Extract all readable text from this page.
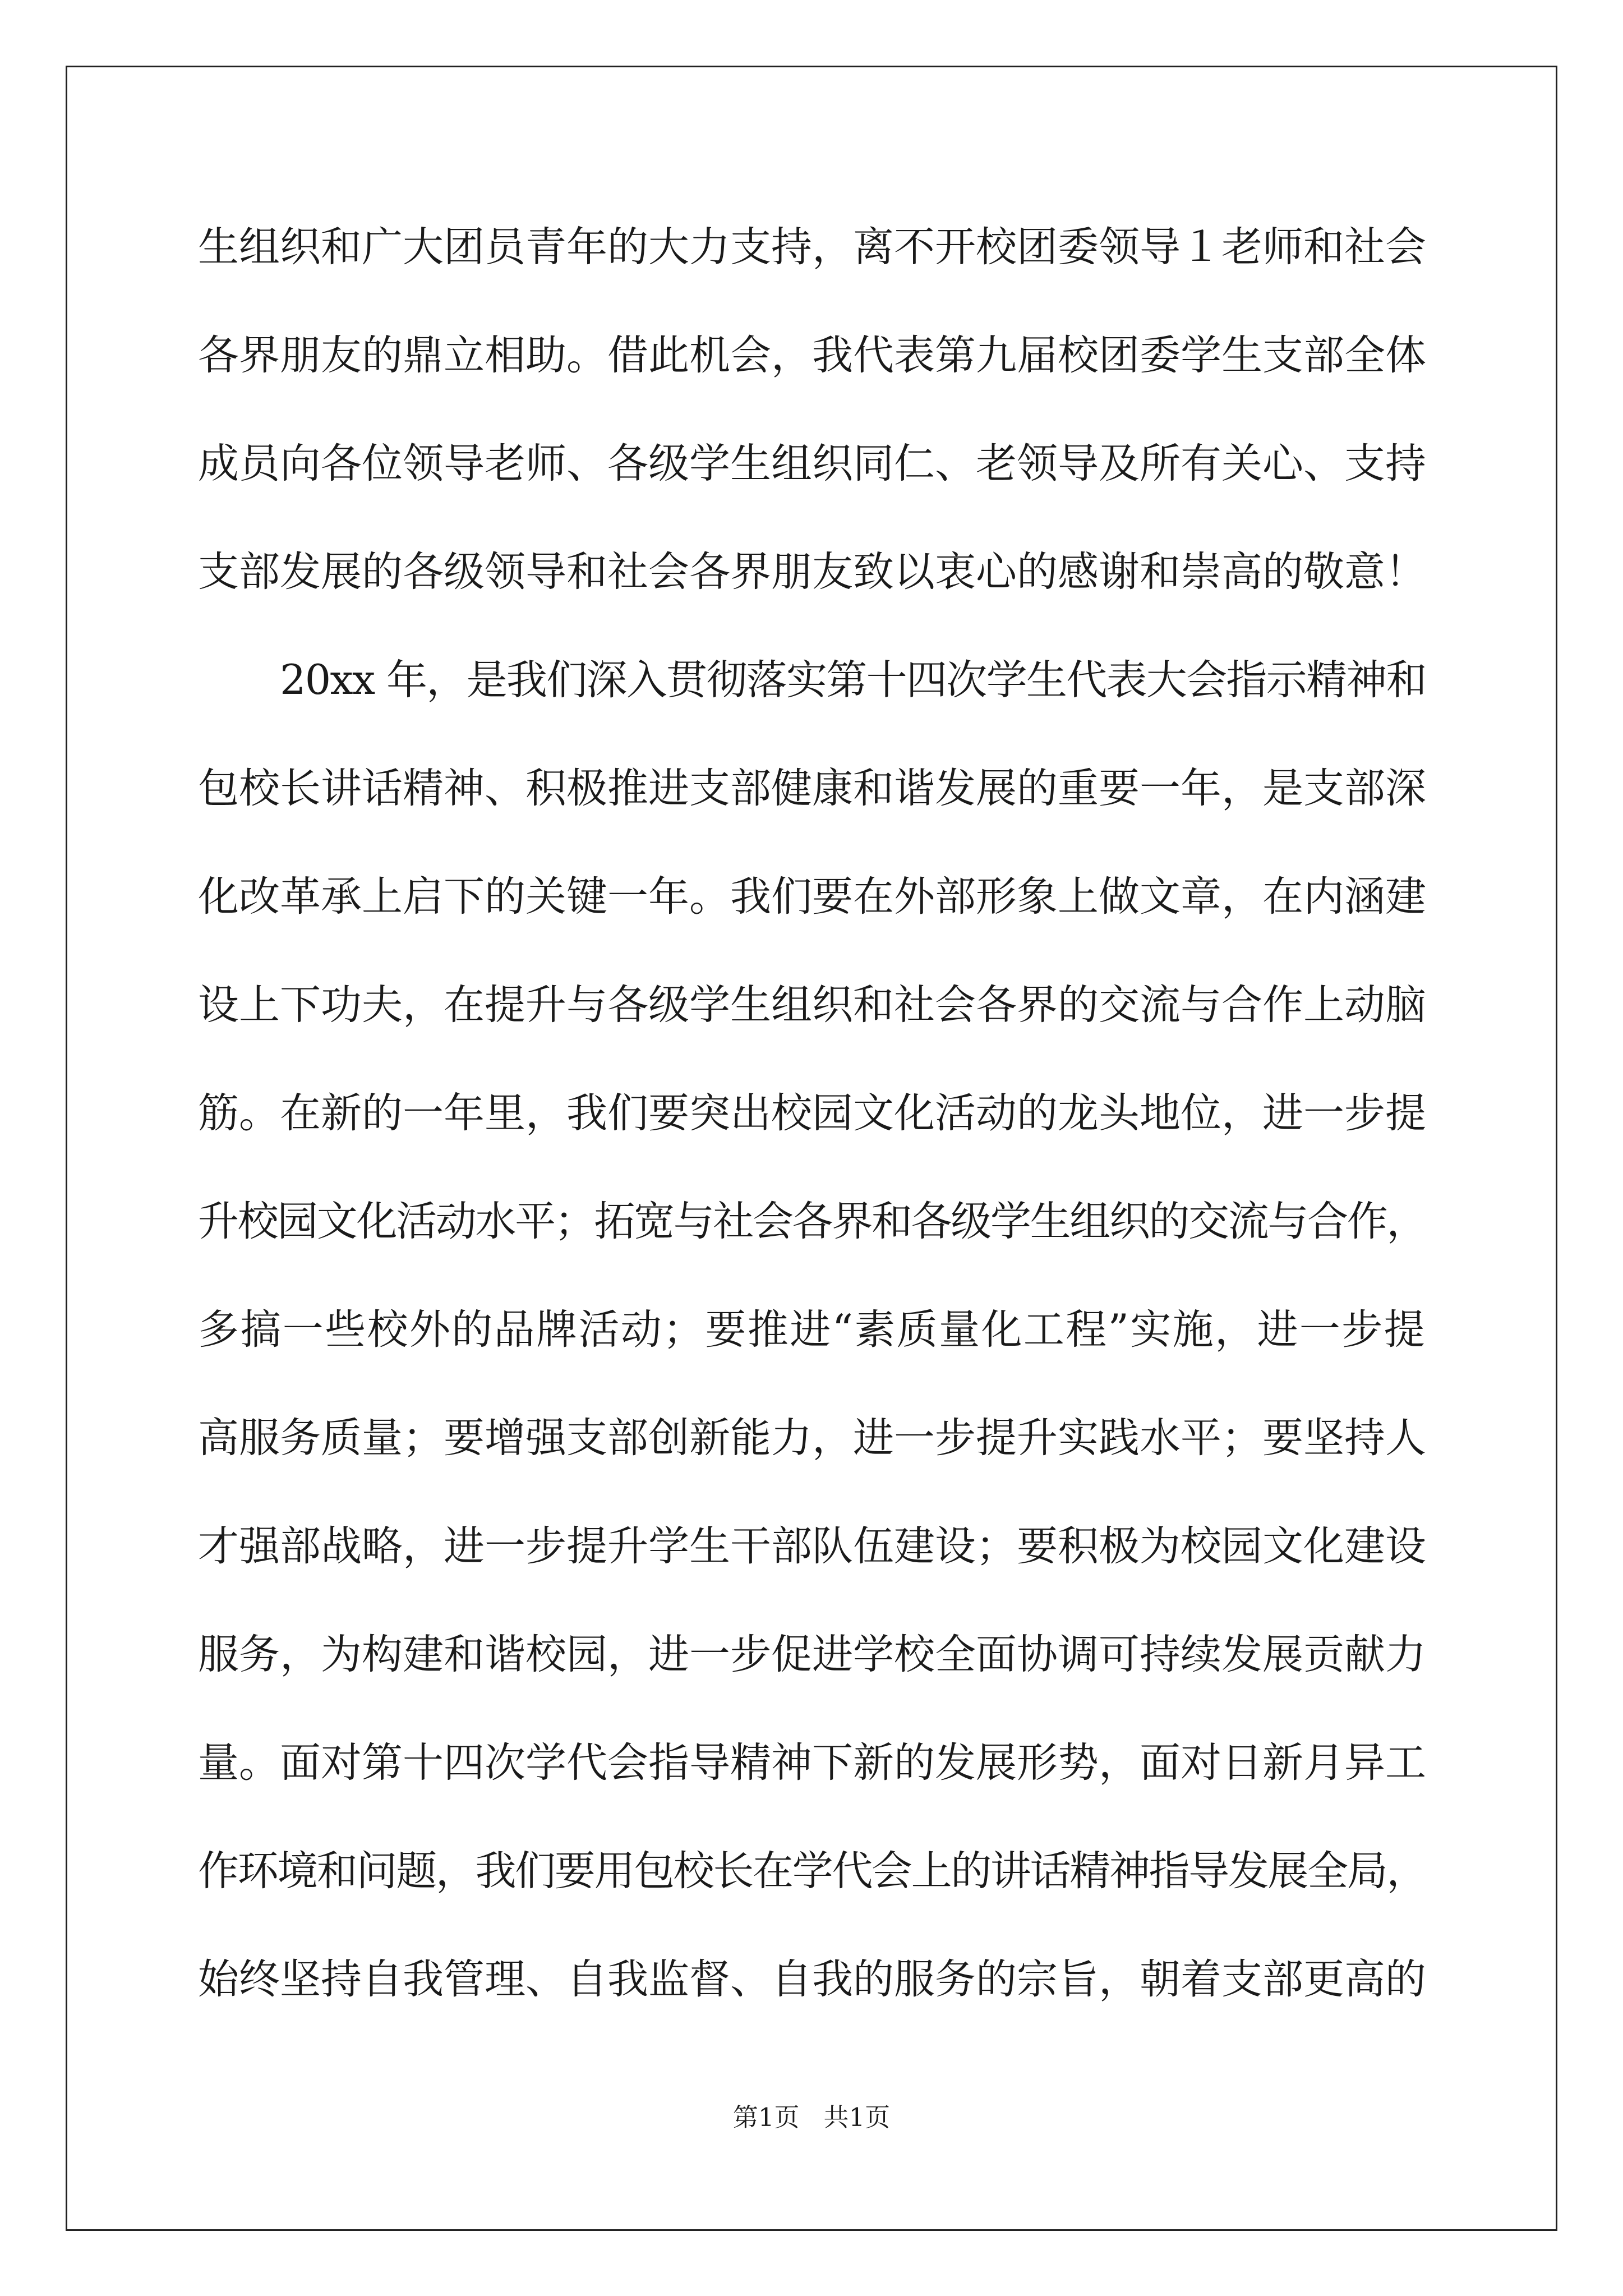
生组织和广大团员青年的大力支持，离不开校团委领导１老师和社会
各界朋友的鼎立相助。借此机会，我代表第九届校团委学生支部全体
成员向各位领导老师、各级学生组织同仁、老领导及所有关心、支持
支部发展的各级领导和社会各界朋友致以衷心的感谢和崇高的敬意！
20xx 年，是我们深入贯彻落实第十四次学生代表大会指示精神和
包校长讲话精神、积极推进支部健康和谐发展的重要一年，是支部深
化改革承上启下的关键一年。我们要在外部形象上做文章，在内涵建
设上下功夫，在提升与各级学生组织和社会各界的交流与合作上动脑
筋。在新的一年里，我们要突出校园文化活动的龙头地位，进一步提
升校园文化活动水平；拓宽与社会各界和各级学生组织的交流与合作，
多搞一些校外的品牌活动；要推进“素质量化工程”实施，进一步提
高服务质量；要增强支部创新能力，进一步提升实践水平；要坚持人
才强部战略，进一步提升学生干部队伍建设；要积极为校园文化建设
服务，为构建和谐校园，进一步促进学校全面协调可持续发展贡献力
量。面对第十四次学代会指导精神下新的发展形势，面对日新月异工
作环境和问题，我们要用包校长在学代会上的讲话精神指导发展全局，
始终坚持自我管理、自我监督、自我的服务的宗旨，朝着支部更高的
第1页   共1页
